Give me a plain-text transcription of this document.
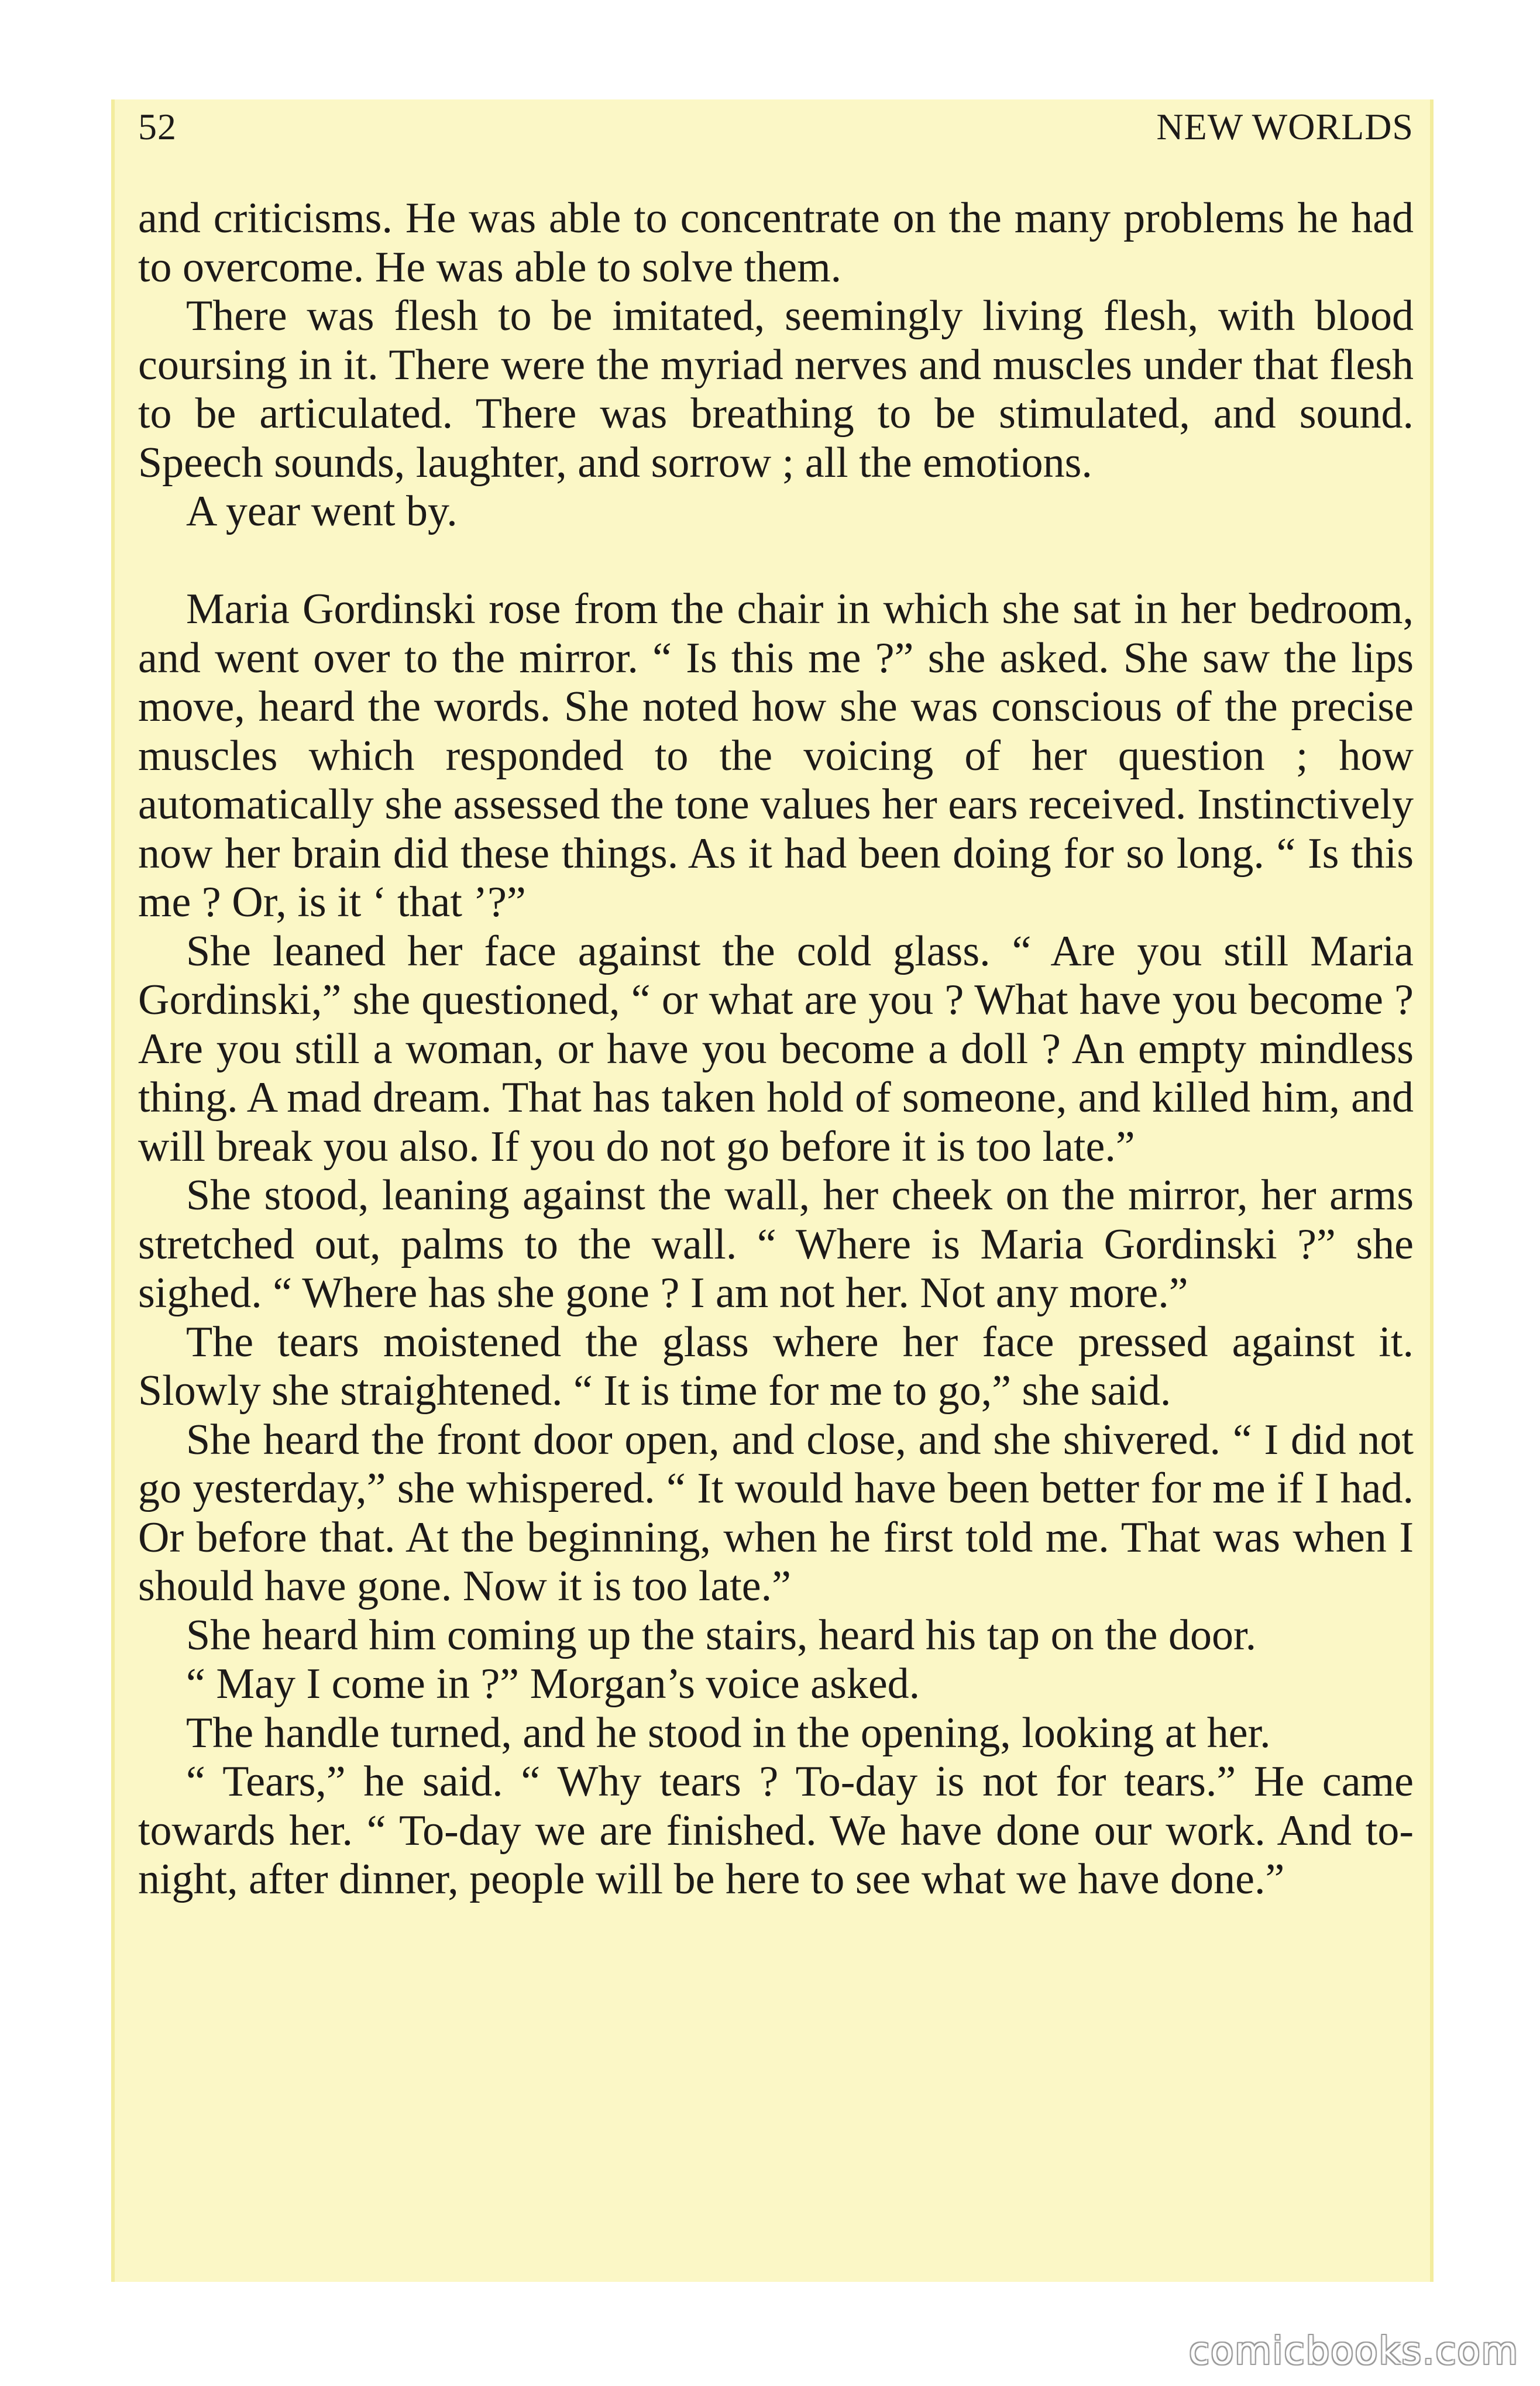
52	NEW WORLDS

and criticisms. He was able to concentrate on the many problems he had to overcome. He was able to solve them.

There was flesh to be imitated, seemingly living flesh, with blood coursing in it. There were the myriad nerves and muscles under that flesh to be articulated. There was breathing to be stimulated, and sound. Speech sounds, laughter, and sorrow ; all the emotions.

A year went by.

Maria Gordinski rose from the chair in which she sat in her bedroom, and went over to the mirror. “ Is this me ?” she asked. She saw the lips move, heard the words. She noted how she was conscious of the precise muscles which responded to the voicing of her question ; how automatically she assessed the tone values her ears received. Instinctively now her brain did these things. As it had been doing for so long. “ Is this me ? Or, is it ‘ that ’?”

She leaned her face against the cold glass. “ Are you still Maria Gordinski,” she questioned, “ or what are you ? What have you become ? Are you still a woman, or have you become a doll ? An empty mindless thing. A mad dream. That has taken hold of someone, and killed him, and will break you also. If you do not go before it is too late.”

She stood, leaning against the wall, her cheek on the mirror, her arms stretched out, palms to the wall. “ Where is Maria Gordinski ?” she sighed. “ Where has she gone ? I am not her. Not any more.”

The tears moistened the glass where her face pressed against it. Slowly she straightened. “ It is time for me to go,” she said.

She heard the front door open, and close, and she shivered. “ I did not go yesterday,” she whispered. “ It would have been better for me if I had. Or before that. At the beginning, when he first told me. That was when I should have gone. Now it is too late.”

She heard him coming up the stairs, heard his tap on the door.

“ May I come in ?” Morgan’s voice asked.

The handle turned, and he stood in the opening, looking at her.

“ Tears,” he said. “ Why tears ? To-day is not for tears.” He came towards her. “ To-day we are finished. We have done our work. And to-night, after dinner, people will be here to see what we have done.”

comicbooks.com
